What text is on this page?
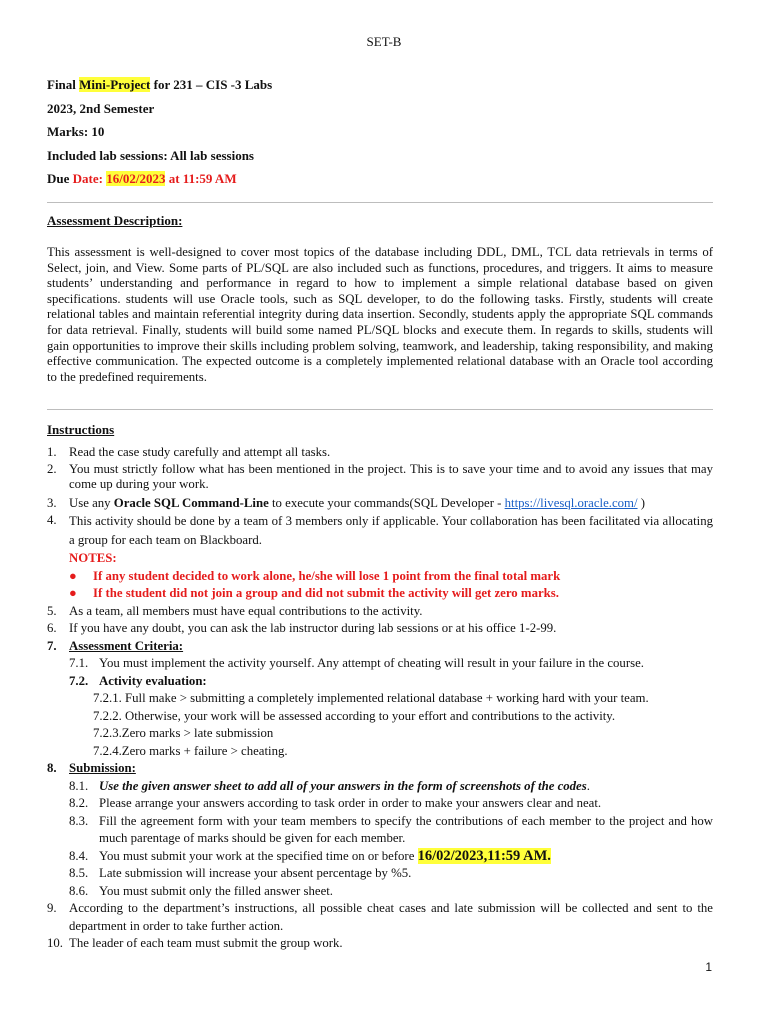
SET-B
Final Mini-Project for 231 – CIS -3 Labs
2023, 2nd Semester
Marks: 10
Included lab sessions: All lab sessions
Due Date: 16/02/2023 at 11:59 AM
Assessment Description:
This assessment is well-designed to cover most topics of the database including DDL, DML, TCL data retrievals in terms of Select, join, and View. Some parts of PL/SQL are also included such as functions, procedures, and triggers. It aims to measure students’ understanding and performance in regard to how to implement a simple relational database based on given specifications. students will use Oracle tools, such as SQL developer, to do the following tasks. Firstly, students will create relational tables and maintain referential integrity during data insertion. Secondly, students apply the appropriate SQL commands for data retrieval. Finally, students will build some named PL/SQL blocks and execute them. In regards to skills, students will gain opportunities to improve their skills including problem solving, teamwork, and leadership, taking responsibility, and making effective communication. The expected outcome is a completely implemented relational database with an Oracle tool according to the predefined requirements.
Instructions
1. Read the case study carefully and attempt all tasks.
2. You must strictly follow what has been mentioned in the project. This is to save your time and to avoid any issues that may come up during your work.
3. Use any Oracle SQL Command-Line to execute your commands(SQL Developer - https://livesql.oracle.com/ )
4. This activity should be done by a team of 3 members only if applicable. Your collaboration has been facilitated via allocating a group for each team on Blackboard.
NOTES:
● If any student decided to work alone, he/she will lose 1 point from the final total mark
● If the student did not join a group and did not submit the activity will get zero marks.
5. As a team, all members must have equal contributions to the activity.
6. If you have any doubt, you can ask the lab instructor during lab sessions or at his office 1-2-99.
7. Assessment Criteria:
7.1. You must implement the activity yourself. Any attempt of cheating will result in your failure in the course.
7.2. Activity evaluation:
7.2.1. Full make > submitting a completely implemented relational database + working hard with your team.
7.2.2. Otherwise, your work will be assessed according to your effort and contributions to the activity.
7.2.3.Zero marks > late submission
7.2.4.Zero marks + failure > cheating.
8. Submission:
8.1. Use the given answer sheet to add all of your answers in the form of screenshots of the codes.
8.2. Please arrange your answers according to task order in order to make your answers clear and neat.
8.3. Fill the agreement form with your team members to specify the contributions of each member to the project and how much parentage of marks should be given for each member.
8.4. You must submit your work at the specified time on or before 16/02/2023,11:59 AM.
8.5. Late submission will increase your absent percentage by %5.
8.6. You must submit only the filled answer sheet.
9. According to the department’s instructions, all possible cheat cases and late submission will be collected and sent to the department in order to take further action.
10. The leader of each team must submit the group work.
1
